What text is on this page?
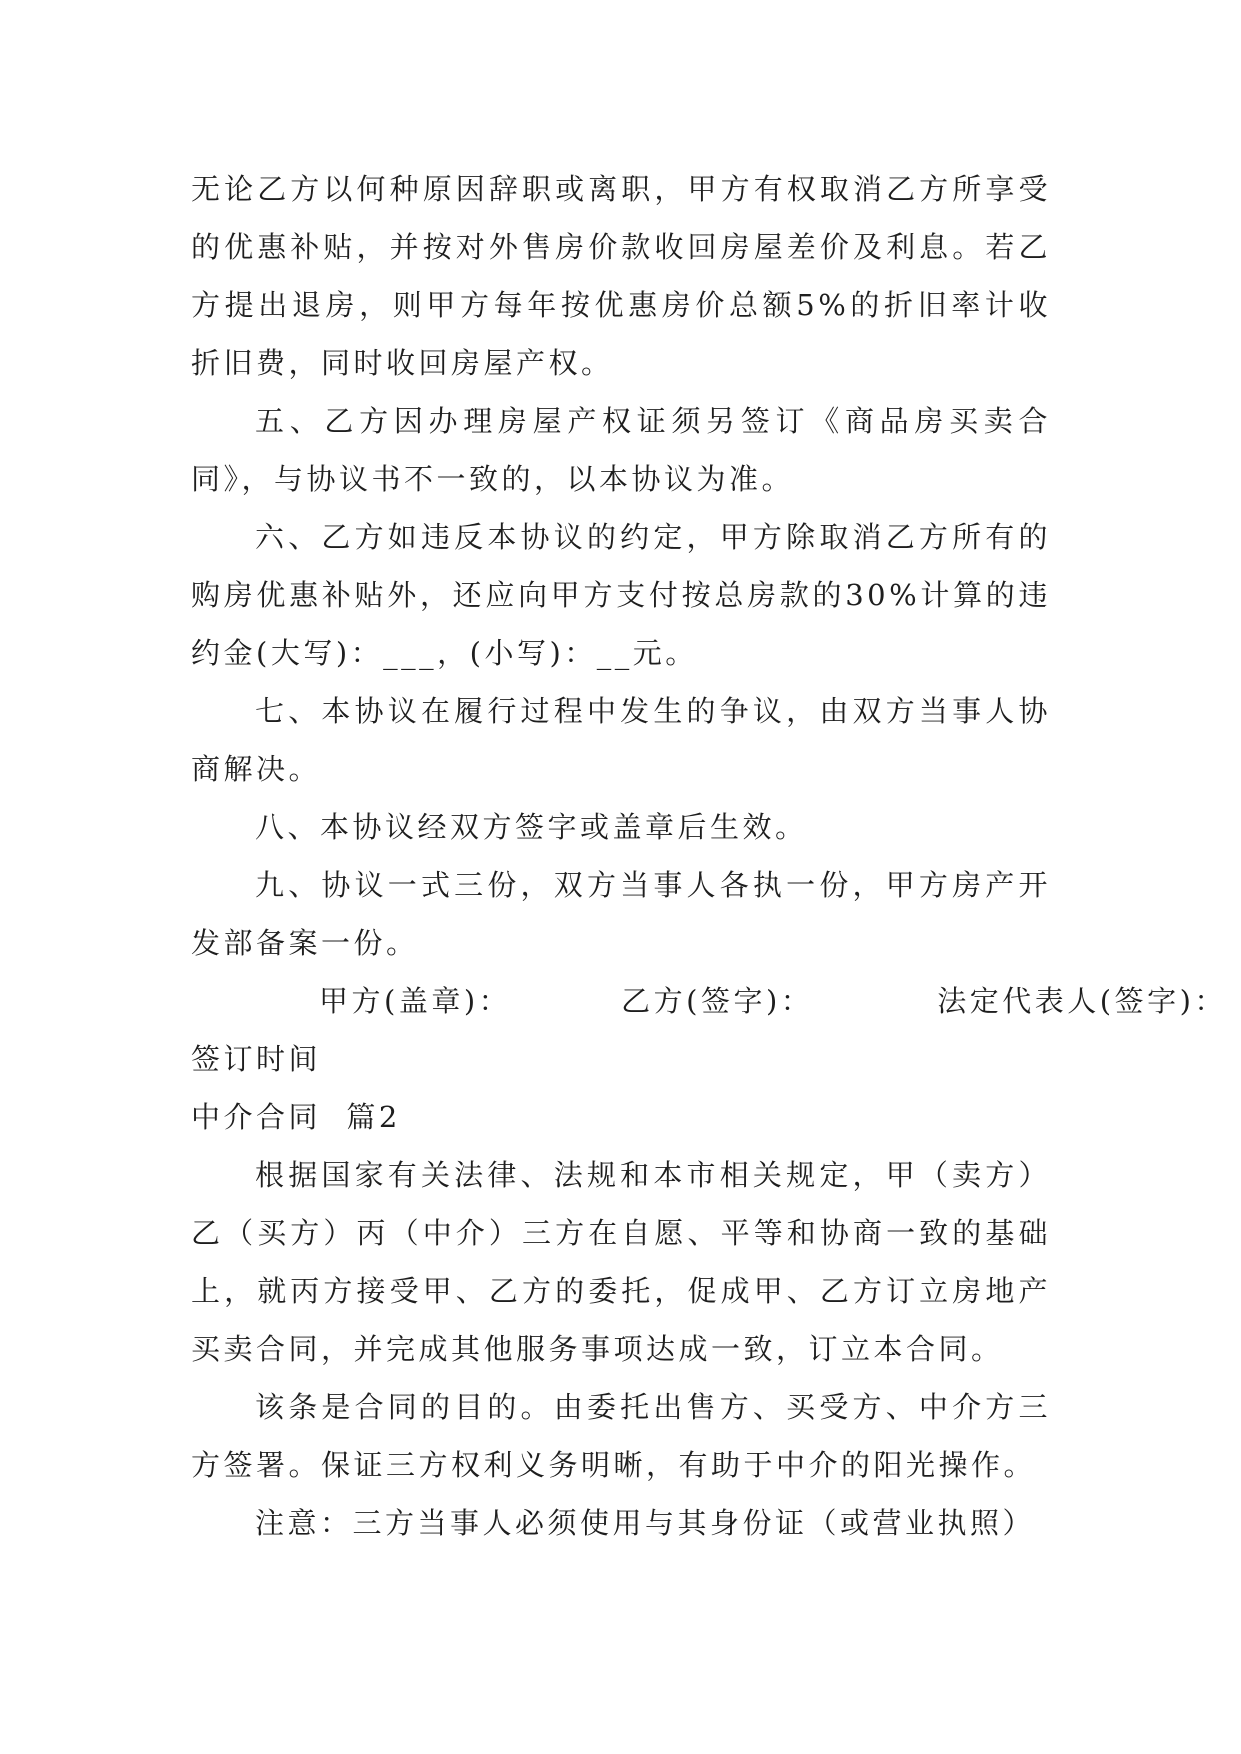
无论乙方以何种原因辞职或离职，甲方有权取消乙方所享受的优惠补贴，并按对外售房价款收回房屋差价及利息。若乙方提出退房，则甲方每年按优惠房价总额5%的折旧率计收折旧费，同时收回房屋产权。

五、乙方因办理房屋产权证须另签订《商品房买卖合同》，与协议书不一致的，以本协议为准。

六、乙方如违反本协议的约定，甲方除取消乙方所有的购房优惠补贴外，还应向甲方支付按总房款的30%计算的违约金(大写)：___，(小写)：__元。

七、本协议在履行过程中发生的争议，由双方当事人协商解决。

八、本协议经双方签字或盖章后生效。

九、协议一式三份，双方当事人各执一份，甲方房产开发部备案一份。

甲方(盖章)：	乙方(签字)：	法定代表人(签字)：

签订时间

中介合同  篇2

根据国家有关法律、法规和本市相关规定，甲（卖方）乙（买方）丙（中介）三方在自愿、平等和协商一致的基础上，就丙方接受甲、乙方的委托，促成甲、乙方订立房地产买卖合同，并完成其他服务事项达成一致，订立本合同。

该条是合同的目的。由委托出售方、买受方、中介方三方签署。保证三方权利义务明晰，有助于中介的阳光操作。

注意：三方当事人必须使用与其身份证（或营业执照）
